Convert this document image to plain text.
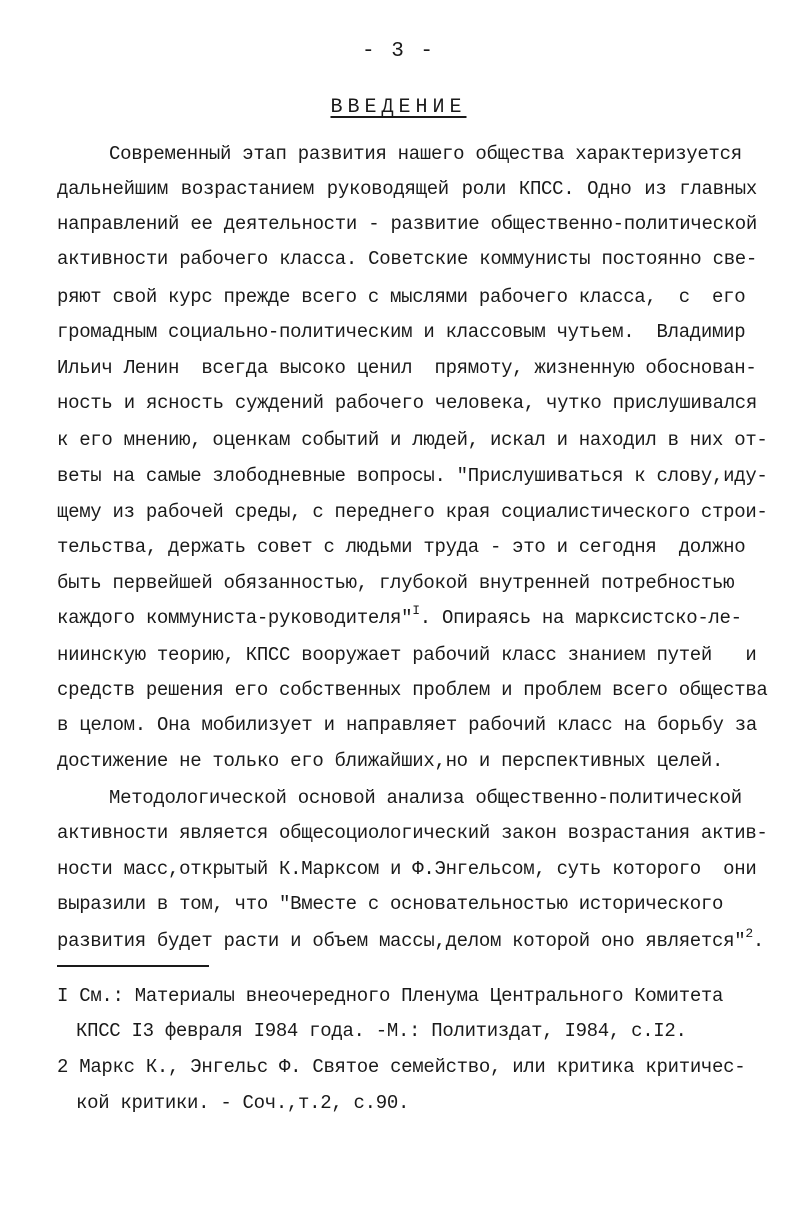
- 3 -
ВВЕДЕНИЕ
Современный этап развития нашего общества характеризуется
дальнейшим возрастанием руководящей роли КПСС. Одно из главных
направлений ее деятельности - развитие общественно-политической
активности рабочего класса. Советские коммунисты постоянно све-
ряют свой курс прежде всего с мыслями рабочего класса,  с  его
громадным социально-политическим и классовым чутьем.  Владимир
Ильич Ленин  всегда высоко ценил  прямоту, жизненную обоснован-
ность и ясность суждений рабочего человека, чутко прислушивался
к его мнению, оценкам событий и людей, искал и находил в них от-
веты на самые злободневные вопросы. "Прислушиваться к слову,иду-
щему из рабочей среды, с переднего края социалистического строи-
тельства, держать совет с людьми труда - это и сегодня  должно
быть первейшей обязанностью, глубокой внутренней потребностью
каждого коммуниста-руководителя"$^I$. Опираясь на марксистско-ле-
ниинскую теорию, КПСС вооружает рабочий класс знанием путей   и
средств решения его собственных проблем и проблем всего общества
в целом. Она мобилизует и направляет рабочий класс на борьбу за
достижение не только его ближайших,но и перспективных целей.
Методологической основой анализа общественно-политической
активности является общесоциологический закон возрастания актив-
ности масс,открытый К.Марксом и Ф.Энгельсом, суть которого  они
выразили в том, что "Вместе с основательностью исторического
развития будет расти и объем массы,делом которой оно является"$^2$.
I См.: Материалы внеочередного Пленума Центрального Комитета
КПСС I3 февраля I984 года. -М.: Политиздат, I984, с.I2.
2 Маркс К., Энгельс Ф. Святое семейство, или критика критичес-
кой критики. - Соч.,т.2, с.90.
